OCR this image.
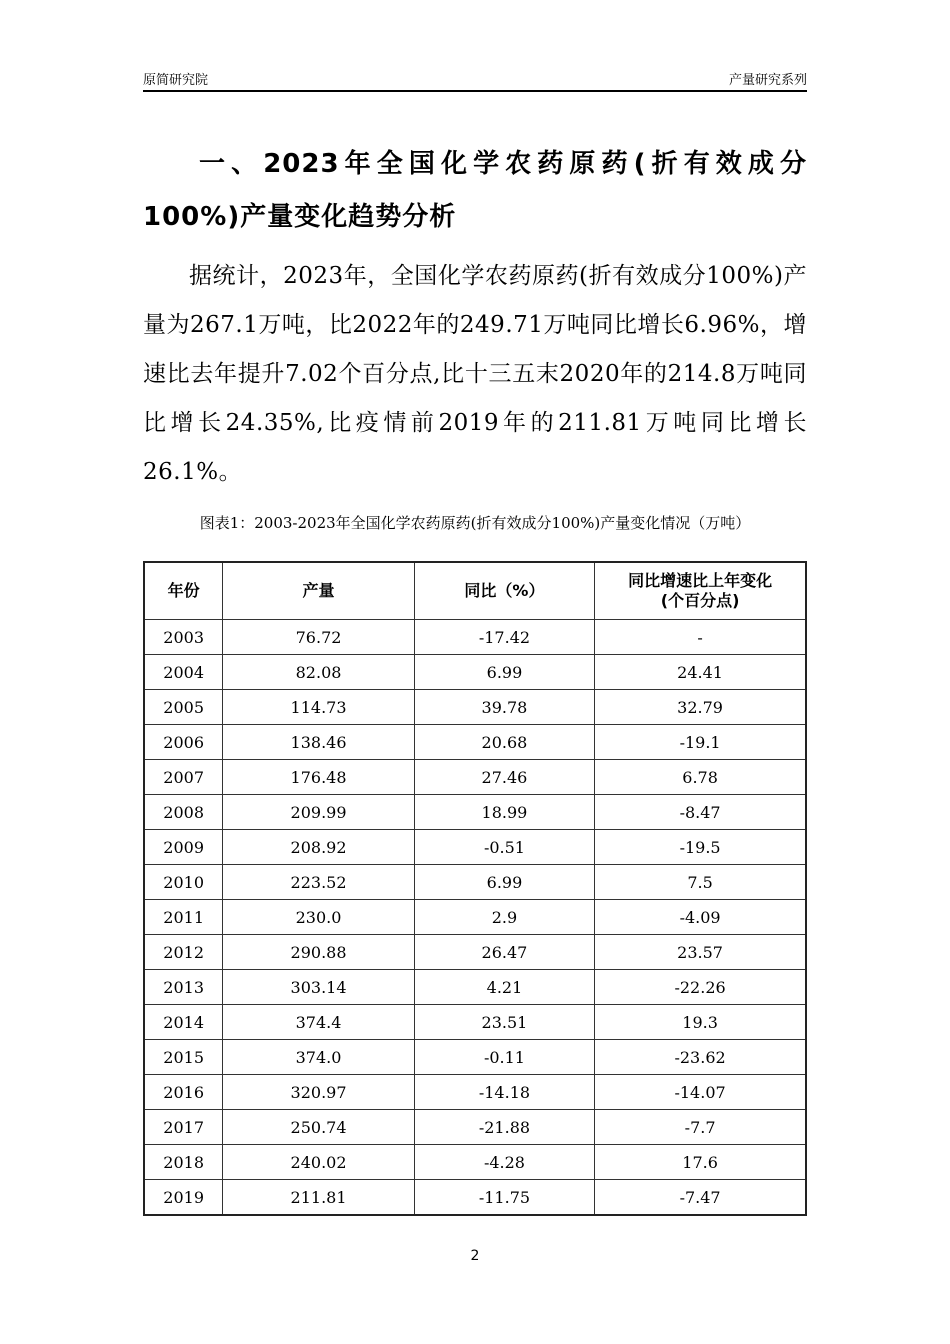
原简研究院	产量研究系列
一、2023年全国化学农药原药(折有效成分100%)产量变化趋势分析
据统计，2023年，全国化学农药原药(折有效成分100%)产量为267.1万吨，比2022年的249.71万吨同比增长6.96%，增速比去年提升7.02个百分点,比十三五末2020年的214.8万吨同比增长24.35%,比疫情前2019年的211.81万吨同比增长26.1%。
图表1：2003-2023年全国化学农药原药(折有效成分100%)产量变化情况（万吨）
年份	产量	同比（%）	同比增速比上年变化
(个百分点)

2003	76.72	-17.42	-
2004	82.08	6.99	24.41
2005	114.73	39.78	32.79
2006	138.46	20.68	-19.1
2007	176.48	27.46	6.78
2008	209.99	18.99	-8.47
2009	208.92	-0.51	-19.5
2010	223.52	6.99	7.5
2011	230.0	2.9	-4.09
2012	290.88	26.47	23.57
2013	303.14	4.21	-22.26
2014	374.4	23.51	19.3
2015	374.0	-0.11	-23.62
2016	320.97	-14.18	-14.07
2017	250.74	-21.88	-7.7
2018	240.02	-4.28	17.6
2019	211.81	-11.75	-7.47
2
